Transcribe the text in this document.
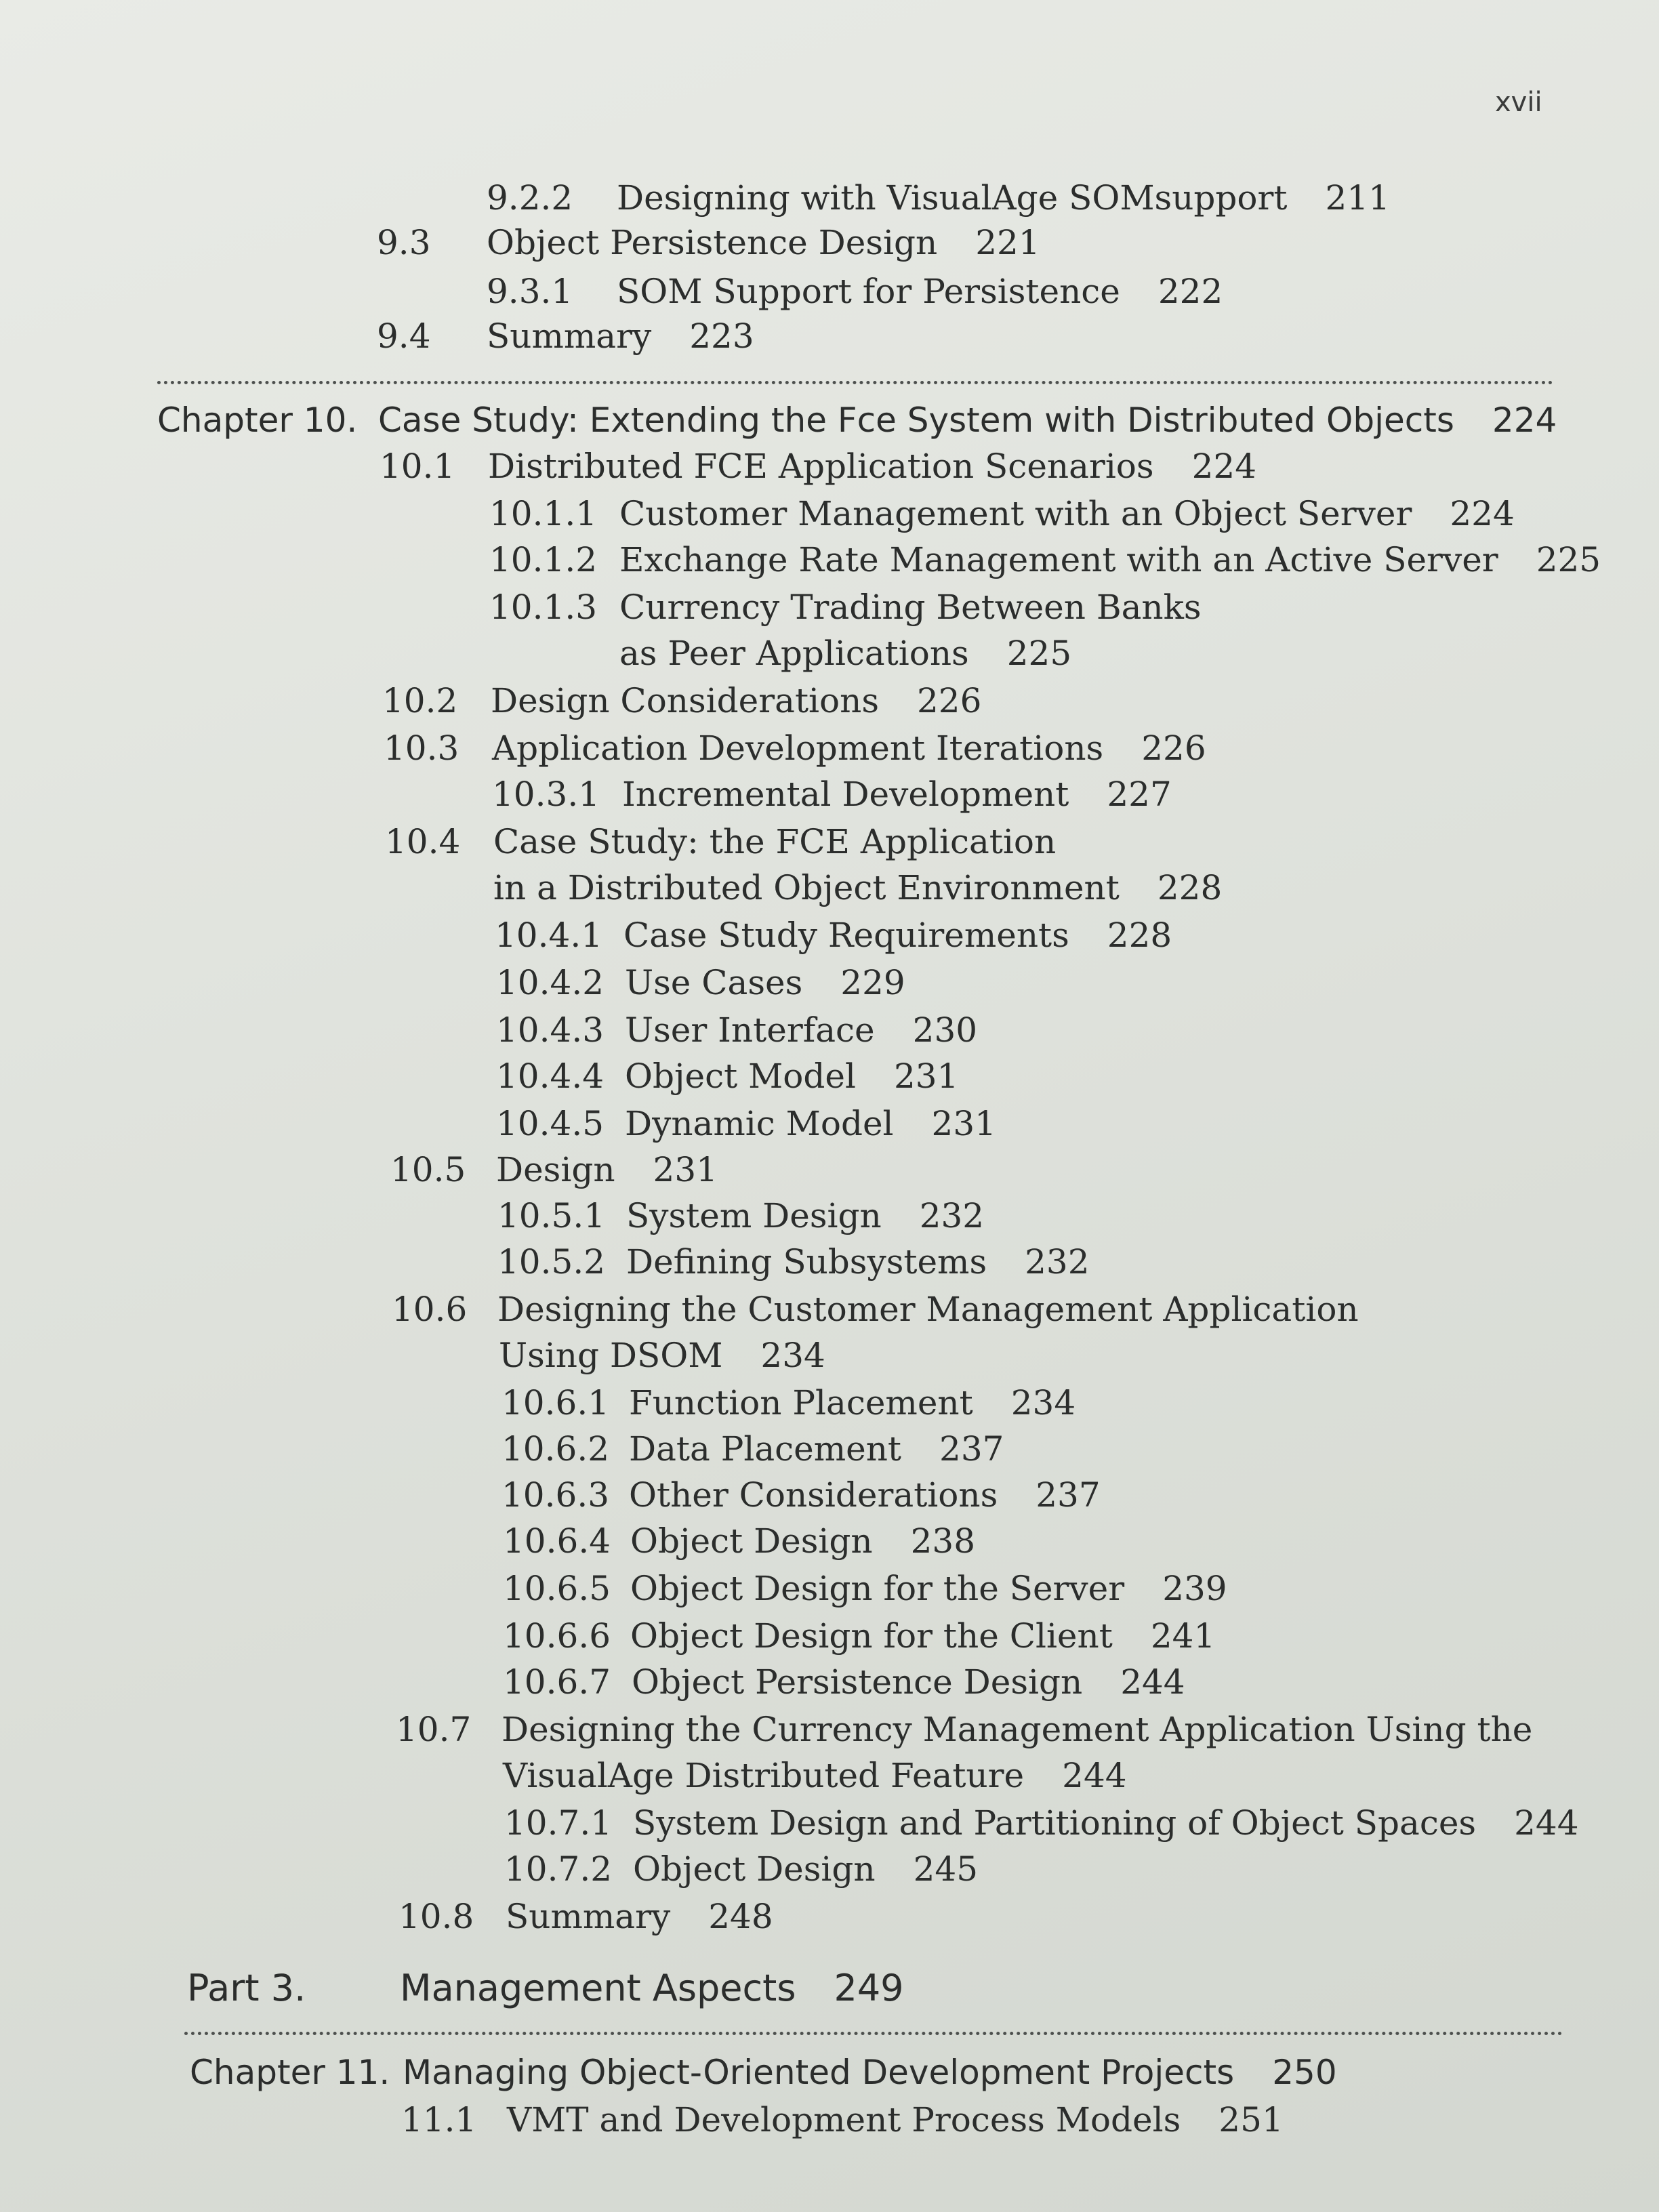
xvii
9.2.2 Designing with VisualAge SOMsupport 211
9.3 Object Persistence Design 221
9.3.1 SOM Support for Persistence 222
9.4 Summary 223
Chapter 10. Case Study: Extending the Fce System with Distributed Objects 224
10.1 Distributed FCE Application Scenarios 224
10.1.1 Customer Management with an Object Server 224
10.1.2 Exchange Rate Management with an Active Server 225
10.1.3 Currency Trading Between Banks
as Peer Applications 225
10.2 Design Considerations 226
10.3 Application Development Iterations 226
10.3.1 Incremental Development 227
10.4 Case Study: the FCE Application
in a Distributed Object Environment 228
10.4.1 Case Study Requirements 228
10.4.2 Use Cases 229
10.4.3 User Interface 230
10.4.4 Object Model 231
10.4.5 Dynamic Model 231
10.5 Design 231
10.5.1 System Design 232
10.5.2 Defining Subsystems 232
10.6 Designing the Customer Management Application
Using DSOM 234
10.6.1 Function Placement 234
10.6.2 Data Placement 237
10.6.3 Other Considerations 237
10.6.4 Object Design 238
10.6.5 Object Design for the Server 239
10.6.6 Object Design for the Client 241
10.6.7 Object Persistence Design 244
10.7 Designing the Currency Management Application Using the
VisualAge Distributed Feature 244
10.7.1 System Design and Partitioning of Object Spaces 244
10.7.2 Object Design 245
10.8 Summary 248
Part 3.	Management Aspects 249
Chapter 11. Managing Object-Oriented Development Projects 250
11.1 VMT and Development Process Models 251
